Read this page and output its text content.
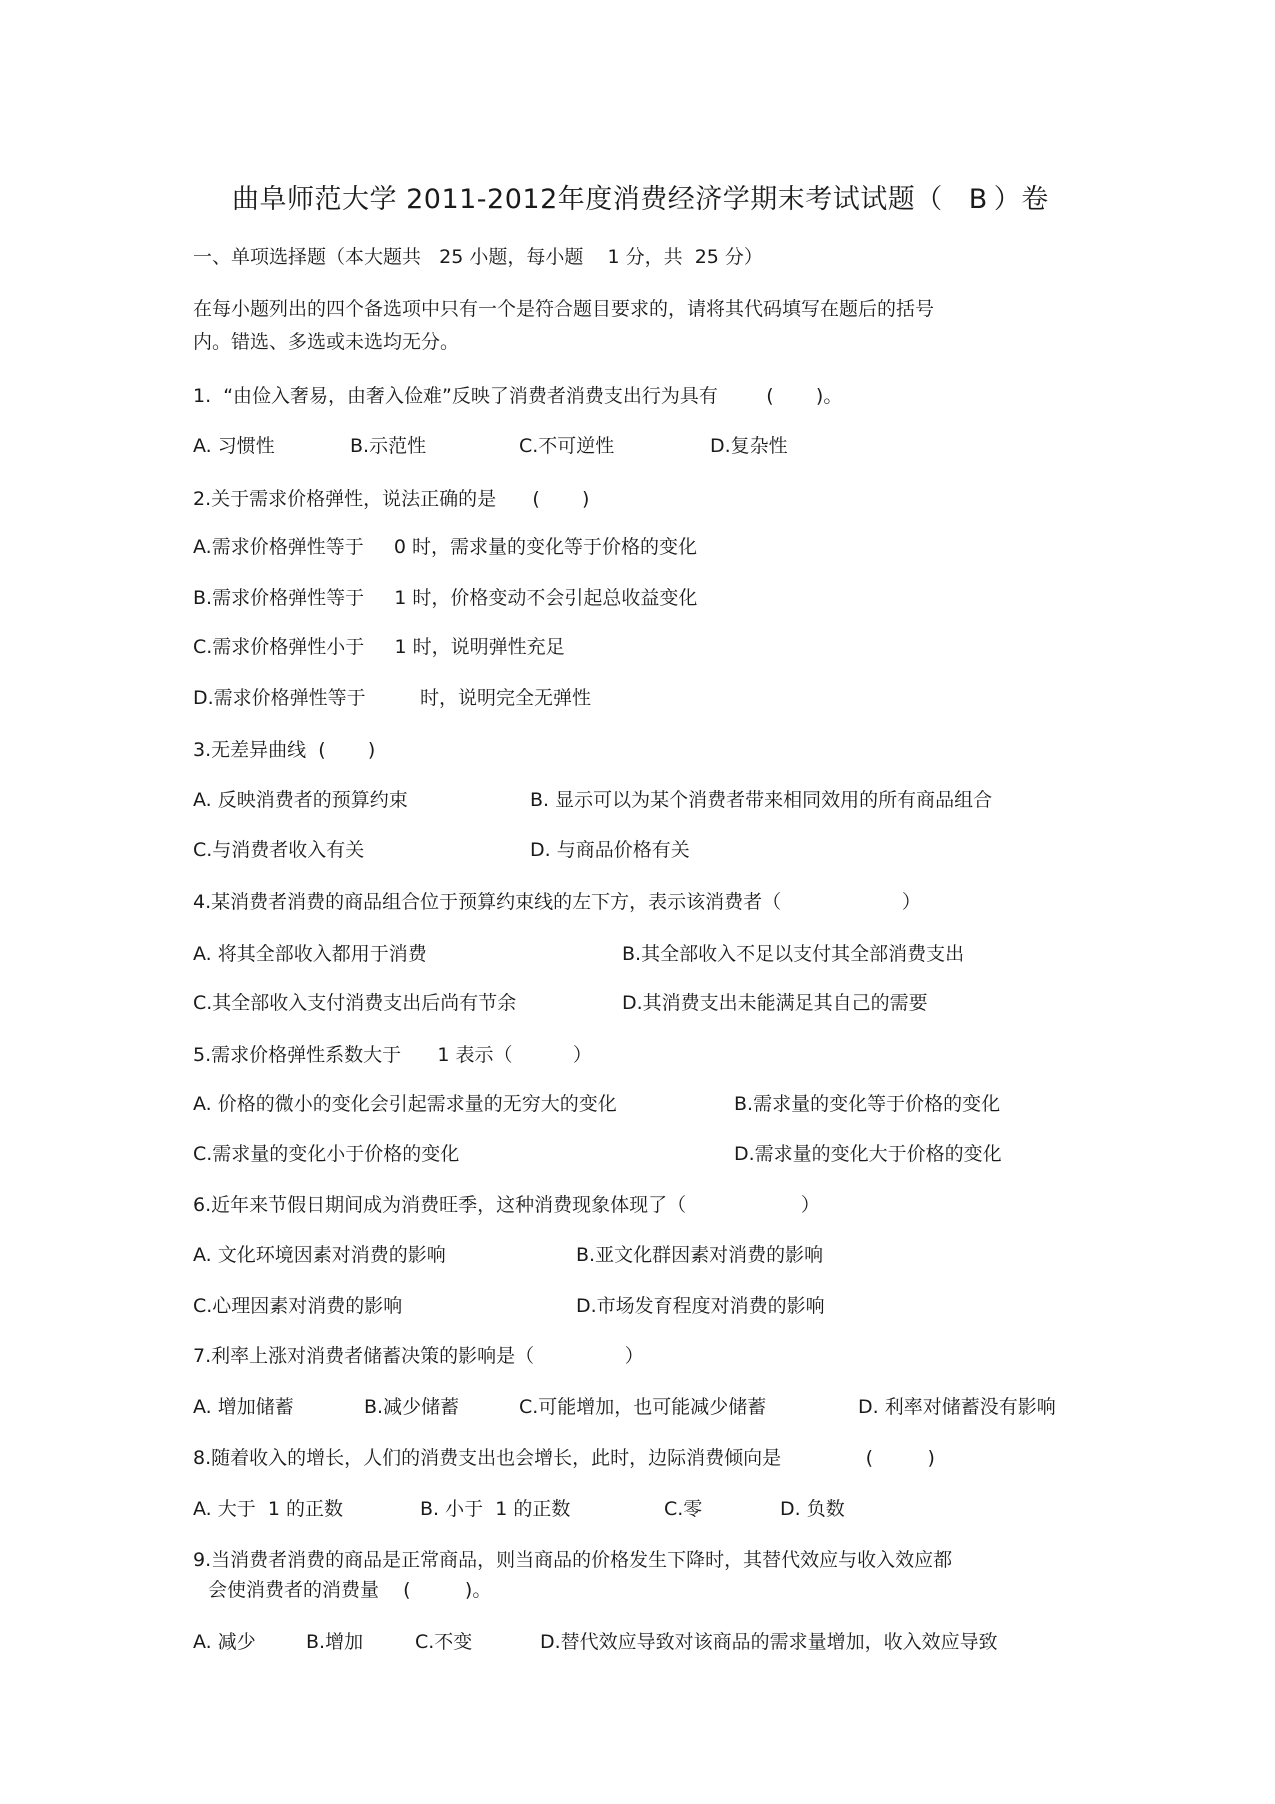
曲阜师范大学 2011-2012年度消费经济学期末考试试题（ B ）卷
一、单项选择题（本大题共   25 小题，每小题    1 分，共  25 分）
在每小题列出的四个备选项中只有一个是符合题目要求的，请将其代码填写在题后的括号
内。错选、多选或未选均无分。
1.  “由俭入奢易，由奢入俭难”反映了消费者消费支出行为具有        (       )。
A. 习惯性	B.示范性	C.不可逆性	D.复杂性
2.关于需求价格弹性，说法正确的是      (       )
A.需求价格弹性等于     0 时，需求量的变化等于价格的变化
B.需求价格弹性等于     1 时，价格变动不会引起总收益变化
C.需求价格弹性小于     1 时，说明弹性充足
D.需求价格弹性等于         时，说明完全无弹性
3.无差异曲线  (       )
A. 反映消费者的预算约束	B. 显示可以为某个消费者带来相同效用的所有商品组合
C.与消费者收入有关	D. 与商品价格有关
4.某消费者消费的商品组合位于预算约束线的左下方，表示该消费者（                    ）
A. 将其全部收入都用于消费	B.其全部收入不足以支付其全部消费支出
C.其全部收入支付消费支出后尚有节余	D.其消费支出未能满足其自己的需要
5.需求价格弹性系数大于      1 表示（          ）
A. 价格的微小的变化会引起需求量的无穷大的变化	B.需求量的变化等于价格的变化
C.需求量的变化小于价格的变化	D.需求量的变化大于价格的变化
6.近年来节假日期间成为消费旺季，这种消费现象体现了（                   ）
A. 文化环境因素对消费的影响	B.亚文化群因素对消费的影响
C.心理因素对消费的影响	D.市场发育程度对消费的影响
7.利率上涨对消费者储蓄决策的影响是（               ）
A. 增加储蓄	B.减少储蓄	C.可能增加，也可能减少储蓄	D. 利率对储蓄没有影响
8.随着收入的增长，人们的消费支出也会增长，此时，边际消费倾向是              (         )
A. 大于  1 的正数	B. 小于  1 的正数	C.零	D. 负数
9.当消费者消费的商品是正常商品，则当商品的价格发生下降时，其替代效应与收入效应都
会使消费者的消费量    (         )。
A. 减少	B.增加	C.不变	D.替代效应导致对该商品的需求量增加，收入效应导致
